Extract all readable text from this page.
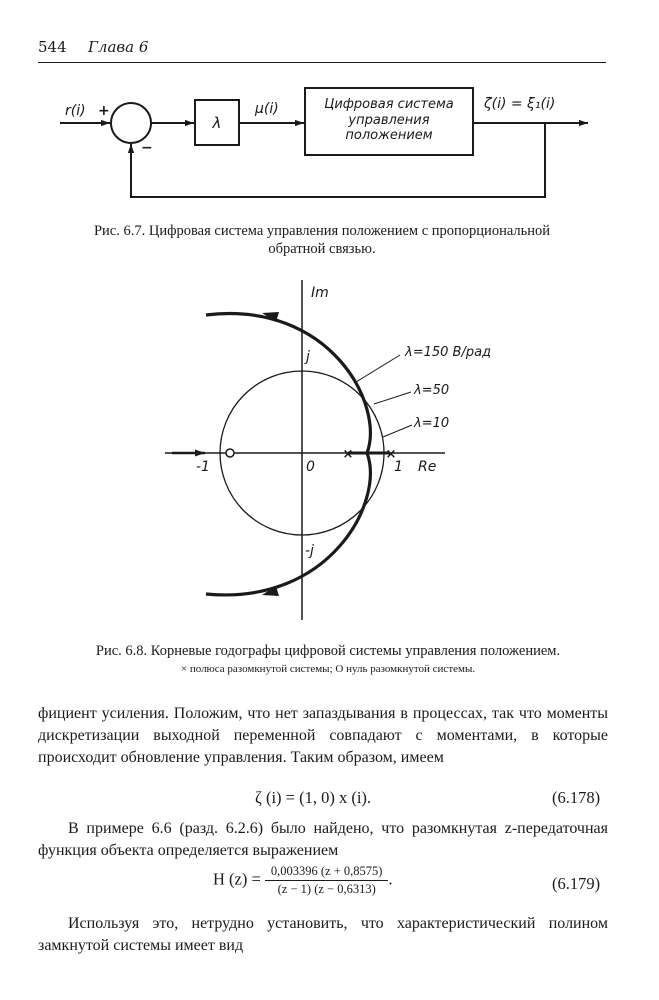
544 Глава 6
r(i) +
−
λ
μ(i)	Цифровая система
управления
положением
ζ(i) = ξ₁(i)
Рис. 6.7. Цифровая система управления положением с пропорциональной
обратной связью.
× ×
Im
Re
j
-j
0
-1	1
λ=150 В/рад
λ=50
λ=10
Рис. 6.8. Корневые годографы цифровой системы управления положением.
× полюса разомкнутой системы; O нуль разомкнутой системы.
фициент усиления. Положим, что нет запаздывания в процессах, так что моменты дискретизации выходной переменной совпадают с моментами, в которые происходит обновление управления. Таким образом, имеем
ζ (i) = (1, 0) x (i).	(6.178)
В примере 6.6 (разд. 6.2.6) было найдено, что разомкнутая z-передаточная функция объекта определяется выражением
H $(z) = \frac{0,003396 (z + 0,8575)}{(z - 1) (z - 0,6313)}$ .	(6.179)
Используя это, нетрудно установить, что характеристический полином замкнутой системы имеет вид
